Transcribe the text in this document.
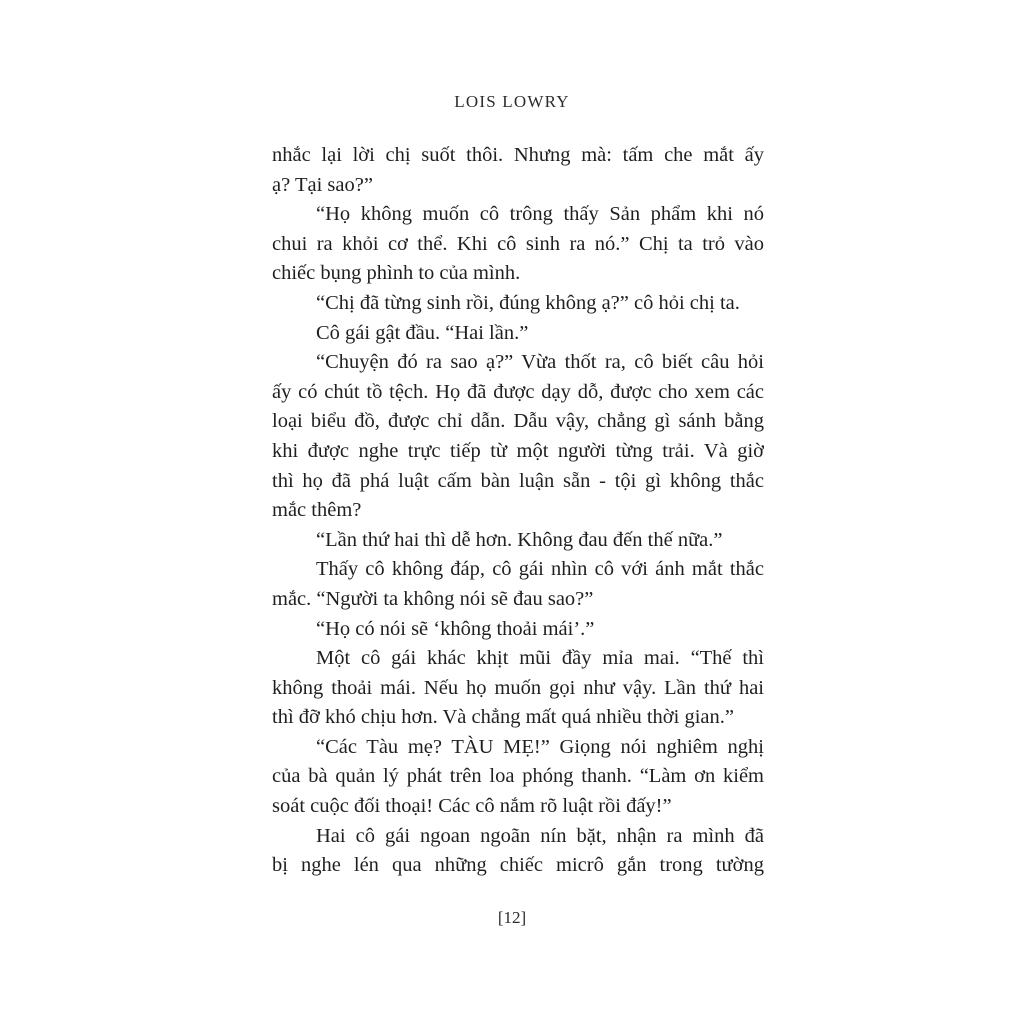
LOIS LOWRY
nhắc lại lời chị suốt thôi. Nhưng mà: tấm che mắt ấy
ạ? Tại sao?”
“Họ không muốn cô trông thấy Sản phẩm khi nó
chui ra khỏi cơ thể. Khi cô sinh ra nó.” Chị ta trỏ vào
chiếc bụng phình to của mình.
“Chị đã từng sinh rồi, đúng không ạ?” cô hỏi chị ta.
Cô gái gật đầu. “Hai lần.”
“Chuyện đó ra sao ạ?” Vừa thốt ra, cô biết câu hỏi
ấy có chút tồ tệch. Họ đã được dạy dỗ, được cho xem các
loại biểu đồ, được chỉ dẫn. Dẫu vậy, chẳng gì sánh bằng
khi được nghe trực tiếp từ một người từng trải. Và giờ
thì họ đã phá luật cấm bàn luận sẵn - tội gì không thắc
mắc thêm?
“Lần thứ hai thì dễ hơn. Không đau đến thế nữa.”
Thấy cô không đáp, cô gái nhìn cô với ánh mắt thắc
mắc. “Người ta không nói sẽ đau sao?”
“Họ có nói sẽ ‘không thoải mái’.”
Một cô gái khác khịt mũi đầy mỉa mai. “Thế thì
không thoải mái. Nếu họ muốn gọi như vậy. Lần thứ hai
thì đỡ khó chịu hơn. Và chẳng mất quá nhiều thời gian.”
“Các Tàu mẹ? TÀU MẸ!” Giọng nói nghiêm nghị
của bà quản lý phát trên loa phóng thanh. “Làm ơn kiểm
soát cuộc đối thoại! Các cô nắm rõ luật rồi đấy!”
Hai cô gái ngoan ngoãn nín bặt, nhận ra mình đã
bị nghe lén qua những chiếc micrô gắn trong tường
[12]
